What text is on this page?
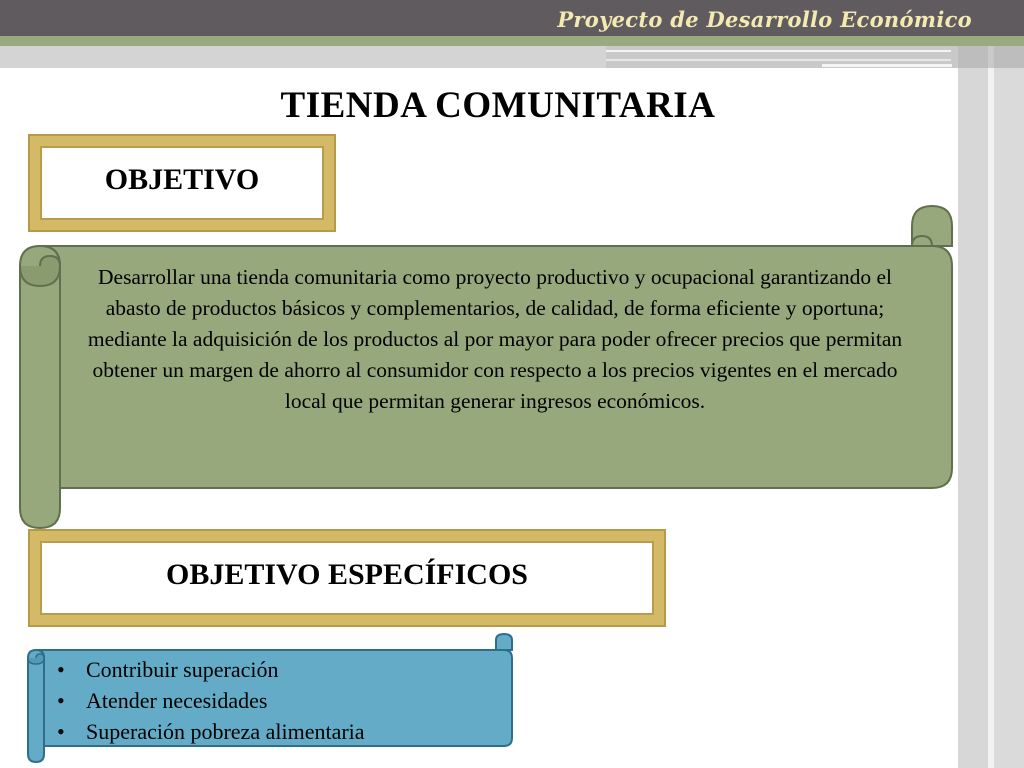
Proyecto de Desarrollo Económico
TIENDA COMUNITARIA
OBJETIVO
Desarrollar una tienda comunitaria como proyecto productivo y ocupacional garantizando el abasto de productos básicos y complementarios, de calidad, de forma eficiente y oportuna; mediante la adquisición de los productos al por mayor para poder ofrecer precios que permitan obtener un margen de ahorro al consumidor con respecto a los precios vigentes en el mercado local que permitan generar ingresos económicos.
OBJETIVO ESPECÍFICOS
• Contribuir superación
• Atender necesidades
• Superación pobreza alimentaria
